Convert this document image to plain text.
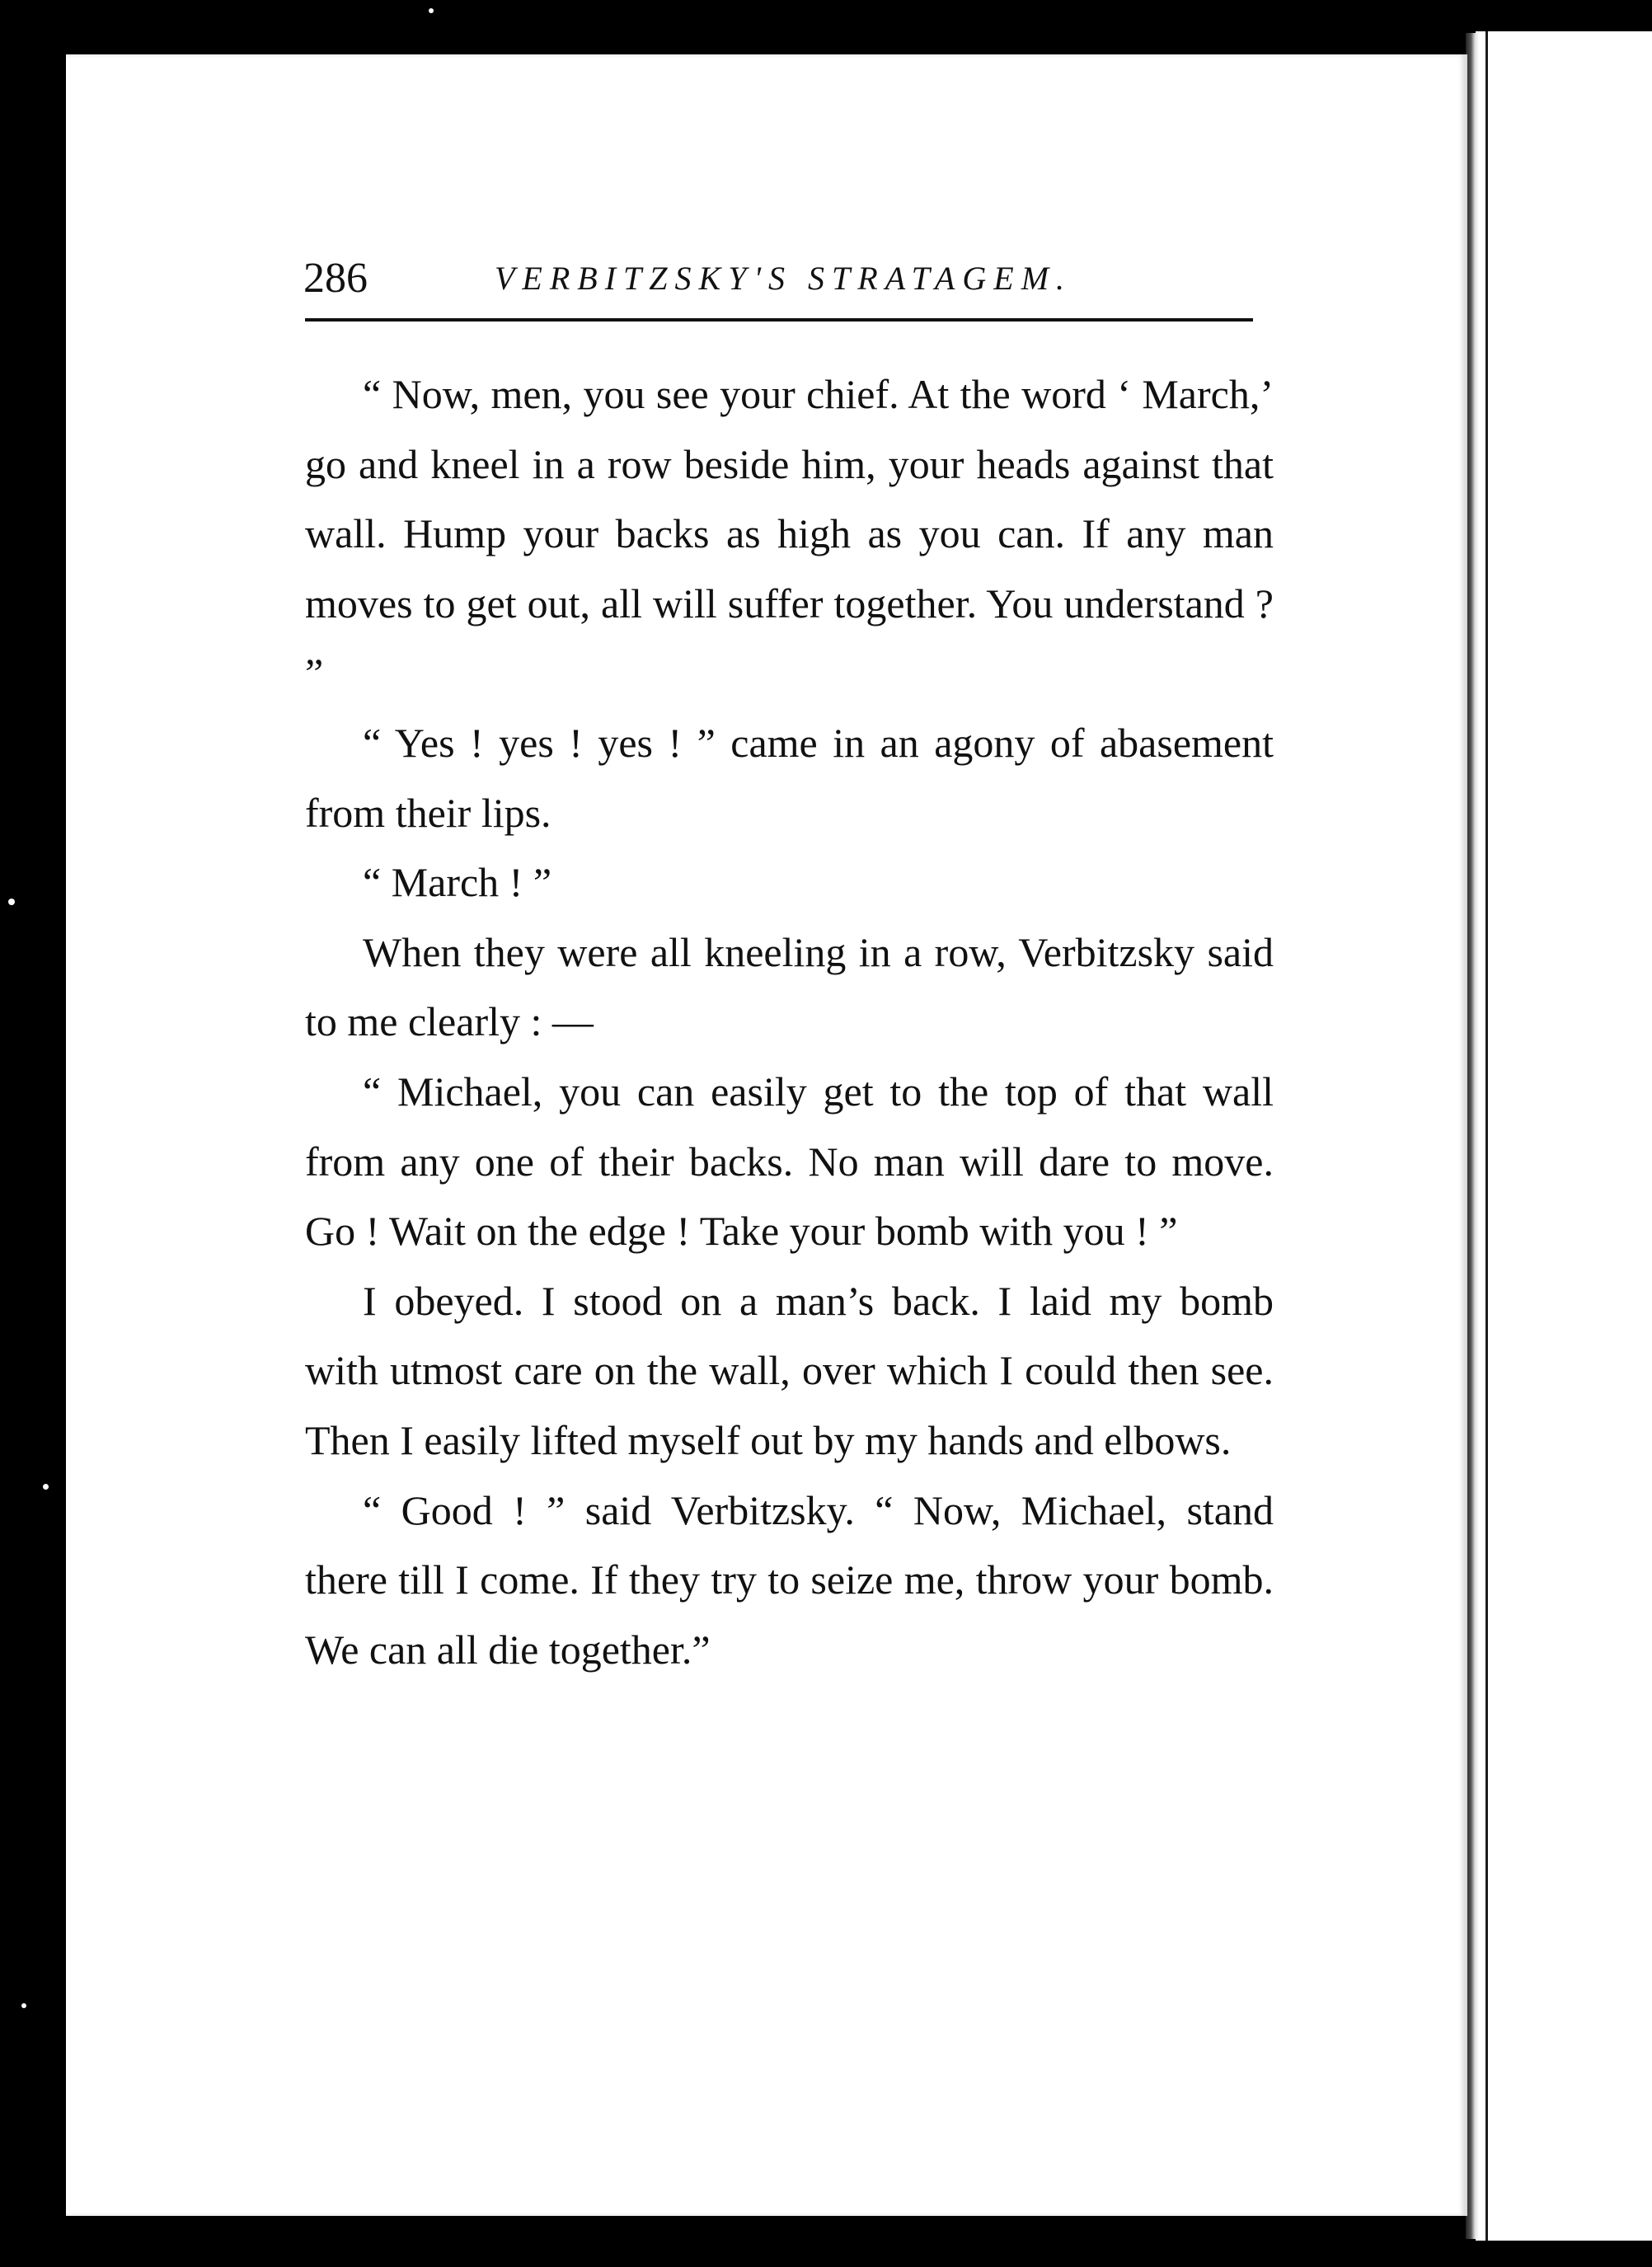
286	VERBITZSKY'S STRATAGEM.

“ Now, men, you see your chief. At the word ‘ March,’ go and kneel in a row beside him, your heads against that wall. Hump your backs as high as you can. If any man moves to get out, all will suffer together. You understand ? ”

“ Yes ! yes ! yes ! ” came in an agony of abasement from their lips.

“ March ! ”

When they were all kneeling in a row, Verbitzsky said to me clearly : —

“ Michael, you can easily get to the top of that wall from any one of their backs. No man will dare to move. Go ! Wait on the edge ! Take your bomb with you ! ”

I obeyed. I stood on a man’s back. I laid my bomb with utmost care on the wall, over which I could then see. Then I easily lifted myself out by my hands and elbows.

“ Good ! ” said Verbitzsky. “ Now, Michael, stand there till I come. If they try to seize me, throw your bomb. We can all die together.”
